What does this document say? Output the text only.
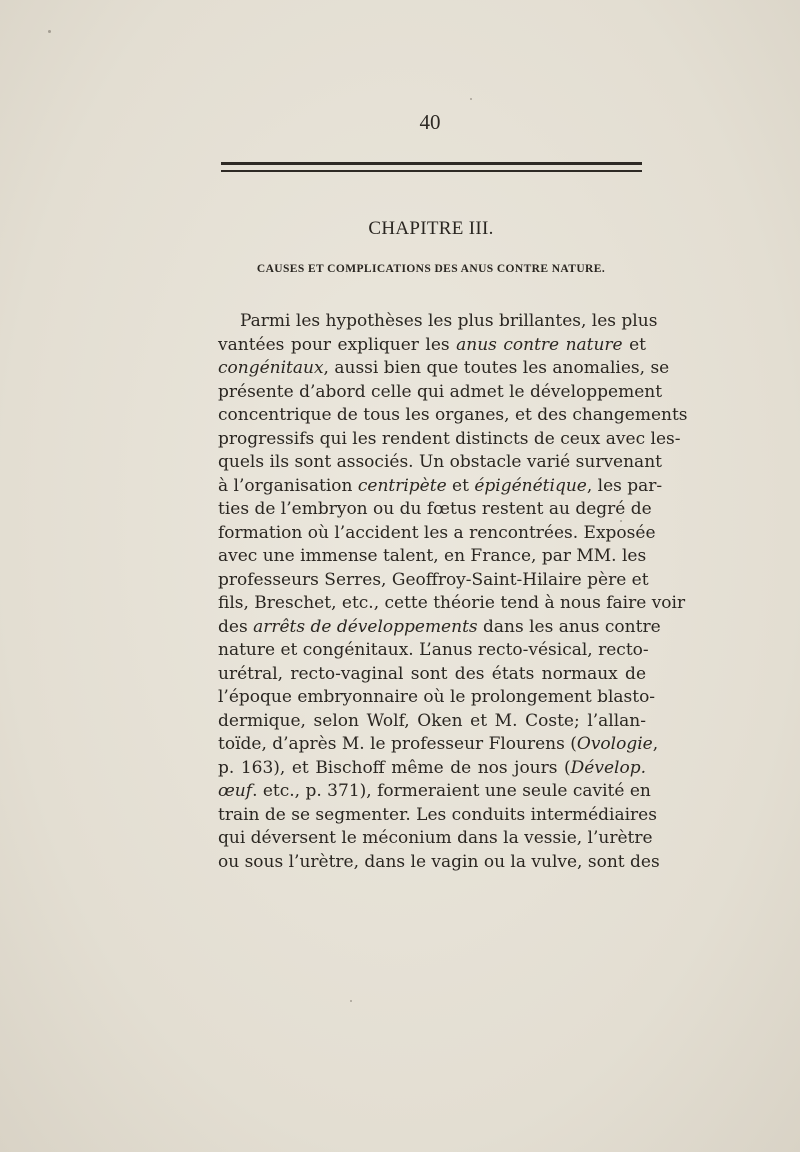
40
CHAPITRE III.
CAUSES ET COMPLICATIONS DES ANUS CONTRE NATURE.
Parmi les hypothèses les plus brillantes, les plus
vantées pour expliquer les anus contre nature et
congénitaux, aussi bien que toutes les anomalies, se
présente d’abord celle qui admet le développement
concentrique de tous les organes, et des changements
progressifs qui les rendent distincts de ceux avec les-
quels ils sont associés. Un obstacle varié survenant
à l’organisation centripète et épigénétique, les par-
ties de l’embryon ou du fœtus restent au degré de
formation où l’accident les a rencontrées. Exposée
avec une immense talent, en France, par MM. les
professeurs Serres, Geoffroy-Saint-Hilaire père et
fils, Breschet, etc., cette théorie tend à nous faire voir
des arrêts de développements dans les anus contre
nature et congénitaux. L’anus recto-vésical, recto-
urétral, recto-vaginal sont des états normaux de
l’époque embryonnaire où le prolongement blasto-
dermique, selon Wolf, Oken et M. Coste; l’allan-
toïde, d’après M. le professeur Flourens (Ovologie,
p. 163), et Bischoff même de nos jours (Dévelop.
œuf. etc., p. 371), formeraient une seule cavité en
train de se segmenter. Les conduits intermédiaires
qui déversent le méconium dans la vessie, l’urètre
ou sous l’urètre, dans le vagin ou la vulve, sont des
